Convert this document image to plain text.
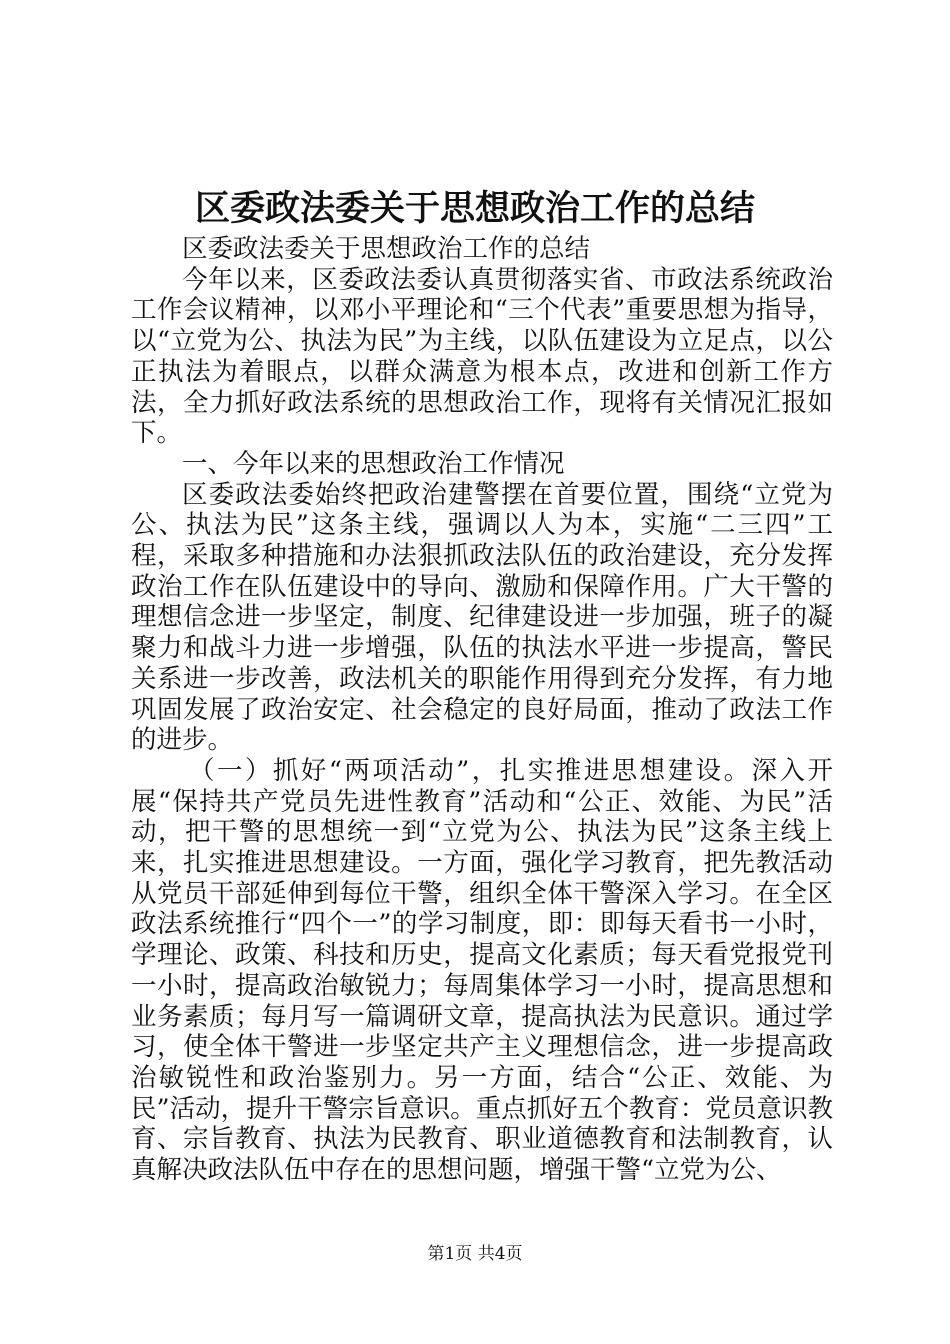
区委政法委关于思想政治工作的总结

区委政法委关于思想政治工作的总结

今年以来，区委政法委认真贯彻落实省、市政法系统政治工作会议精神，以邓小平理论和“三个代表”重要思想为指导，以“立党为公、执法为民”为主线，以队伍建设为立足点，以公正执法为着眼点，以群众满意为根本点，改进和创新工作方法，全力抓好政法系统的思想政治工作，现将有关情况汇报如下。

一、今年以来的思想政治工作情况

区委政法委始终把政治建警摆在首要位置，围绕“立党为公、执法为民”这条主线，强调以人为本，实施“二三四”工程，采取多种措施和办法狠抓政法队伍的政治建设，充分发挥政治工作在队伍建设中的导向、激励和保障作用。广大干警的理想信念进一步坚定，制度、纪律建设进一步加强，班子的凝聚力和战斗力进一步增强，队伍的执法水平进一步提高，警民关系进一步改善，政法机关的职能作用得到充分发挥，有力地巩固发展了政治安定、社会稳定的良好局面，推动了政法工作的进步。

（一）抓好“两项活动”，扎实推进思想建设。深入开展“保持共产党员先进性教育”活动和“公正、效能、为民”活动，把干警的思想统一到“立党为公、执法为民”这条主线上来，扎实推进思想建设。一方面，强化学习教育，把先教活动从党员干部延伸到每位干警，组织全体干警深入学习。在全区政法系统推行“四个一”的学习制度，即：即每天看书一小时，学理论、政策、科技和历史，提高文化素质；每天看党报党刊一小时，提高政治敏锐力；每周集体学习一小时，提高思想和业务素质；每月写一篇调研文章，提高执法为民意识。通过学习，使全体干警进一步坚定共产主义理想信念，进一步提高政治敏锐性和政治鉴别力。另一方面，结合“公正、效能、为民”活动，提升干警宗旨意识。重点抓好五个教育：党员意识教育、宗旨教育、执法为民教育、职业道德教育和法制教育，认真解决政法队伍中存在的思想问题，增强干警“立党为公、

第1页 共4页
